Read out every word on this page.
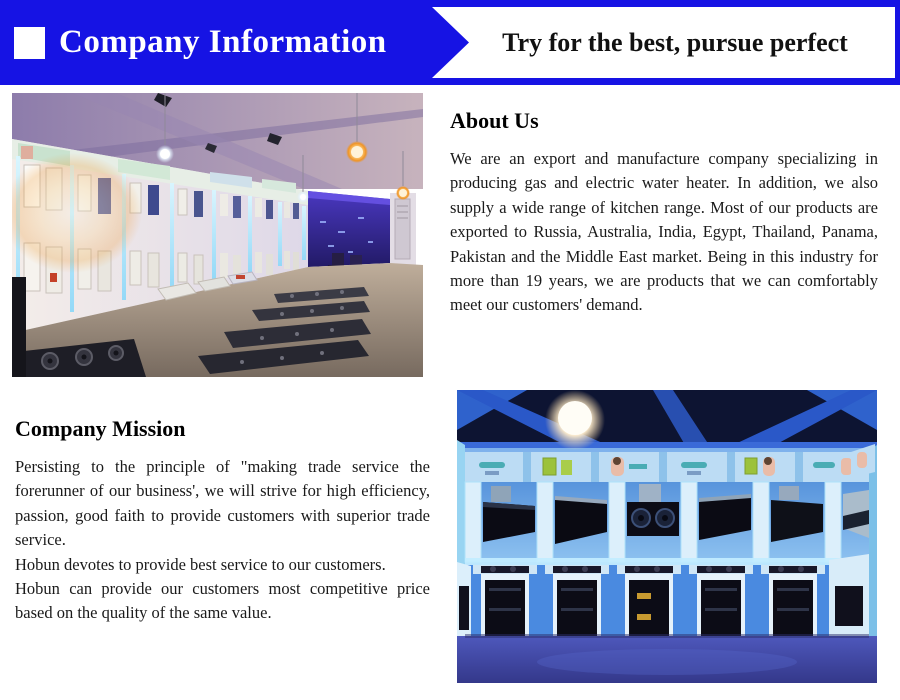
Company Information	Try for the best, pursue perfect
About Us

We are an export and manufacture company specializing in producing gas and electric water heater. In addition, we also supply a wide range of kitchen range. Most of our products are exported to Russia, Australia, India, Egypt, Thailand, Panama, Pakistan and the Middle East market. Being in this industry for more than 19 years, we are products that we can comfortably meet our customers' demand.

Company Mission

Persisting to the principle of "making trade service the forerunner of our business', we will strive for high efficiency, passion, good faith to provide customers with superior trade service.

Hobun devotes to provide best service to our customers.

Hobun can provide our customers most competitive price based on the quality of the same value.
